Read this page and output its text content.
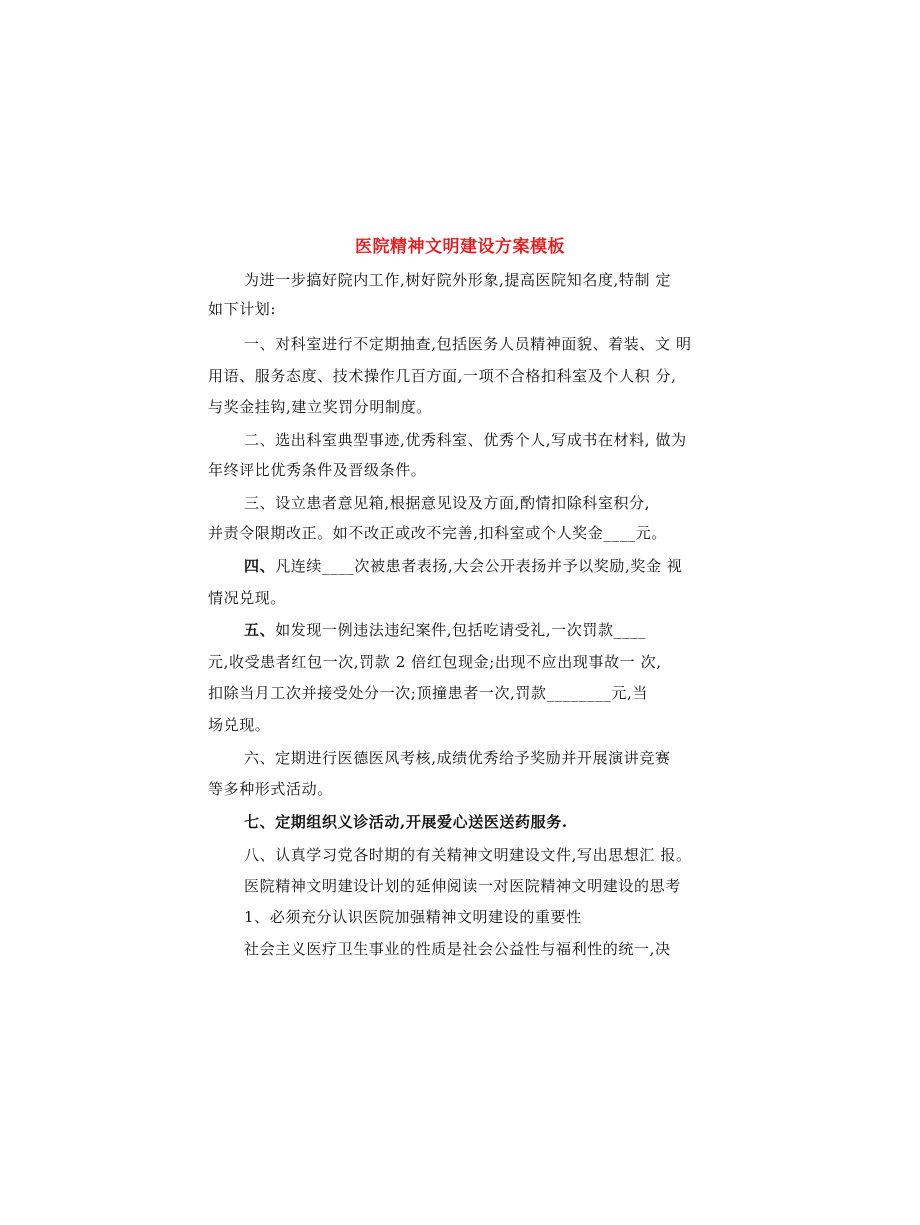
医院精神文明建设方案模板
为进一步搞好院内工作,树好院外形象,提高医院知名度,特制 定
如下计划:
一、对科室进行不定期抽查,包括医务人员精神面貌、着装、文 明
用语、服务态度、技术操作几百方面,一项不合格扣科室及个人积 分,
与奖金挂钩,建立奖罚分明制度。
二、选出科室典型事迹,优秀科室、优秀个人,写成书在材料, 做为
年终评比优秀条件及晋级条件。
三、设立患者意见箱,根据意见设及方面,酌情扣除科室积分,
并责令限期改正。如不改正或改不完善,扣科室或个人奖金____元。
四、凡连续____次被患者表扬,大会公开表扬并予以奖励,奖金 视
情况兑现。
五、如发现一例违法违纪案件,包括吃请受礼,一次罚款____
元,收受患者红包一次,罚款 2 倍红包现金;出现不应出现事故一 次,
扣除当月工次并接受处分一次;顶撞患者一次,罚款________元,当
场兑现。
六、定期进行医德医风考核,成绩优秀给予奖励并开展演讲竞赛
等多种形式活动。
七、定期组织义诊活动,开展爱心送医送药服务.
八、认真学习党各时期的有关精神文明建设文件,写出思想汇 报。
医院精神文明建设计划的延伸阅读一对医院精神文明建设的思考
1、必须充分认识医院加强精神文明建设的重要性
社会主义医疗卫生事业的性质是社会公益性与福利性的统一,决
